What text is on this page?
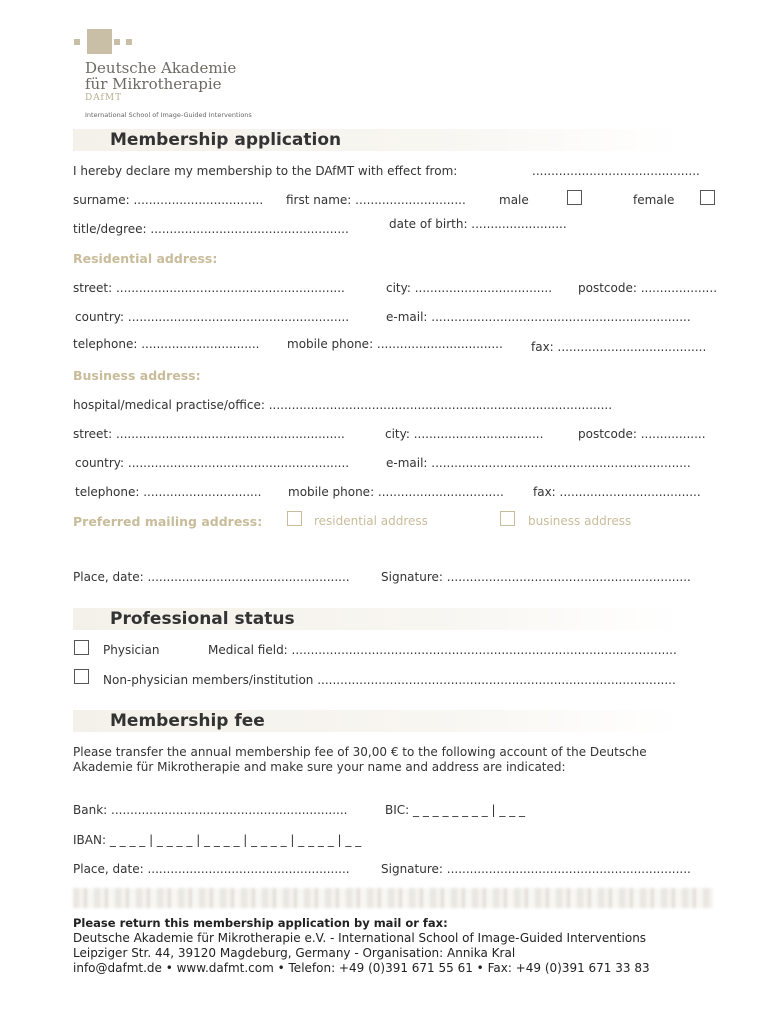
Deutsche Akademie
für Mikrotherapie
DAfMT
International School of Image-Guided Interventions
Membership application
I hereby declare my membership to the DAfMT with effect from:	............................................
surname: .................................. first name: .............................	male	female
title/degree: ....................................................	date of birth: .........................
Residential address:
street: ............................................................	city: .................................... postcode: ....................
country: ..........................................................	e-mail: ....................................................................
telephone: ............................... mobile phone: ................................. fax: .......................................
Business address:
hospital/medical practise/office: ..........................................................................................
street: ............................................................	city: ..................................	postcode: .................
country: ..........................................................	e-mail: ....................................................................
telephone: ............................... mobile phone: ................................. fax: .....................................
Preferred mailing address:	residential address	business address
Place, date: .....................................................	Signature: ................................................................
Professional status
Physician	Medical field: .....................................................................................................
Non-physician members/institution ..............................................................................................
Membership fee
Please transfer the annual membership fee of 30,00 € to the following account of the Deutsche
Akademie für Mikrotherapie and make sure your name and address are indicated:
Bank: ..............................................................	BIC: _ _ _ _ _ _ _ _ | _ _ _
IBAN: _ _ _ _ | _ _ _ _ | _ _ _ _ | _ _ _ _ | _ _ _ _ | _ _
Place, date: .....................................................	Signature: ................................................................
Please return this membership application by mail or fax:
Deutsche Akademie für Mikrotherapie e.V. - International School of Image-Guided Interventions
Leipziger Str. 44, 39120 Magdeburg, Germany - Organisation: Annika Kral
info@dafmt.de • www.dafmt.com • Telefon: +49 (0)391 671 55 61 • Fax: +49 (0)391 671 33 83
